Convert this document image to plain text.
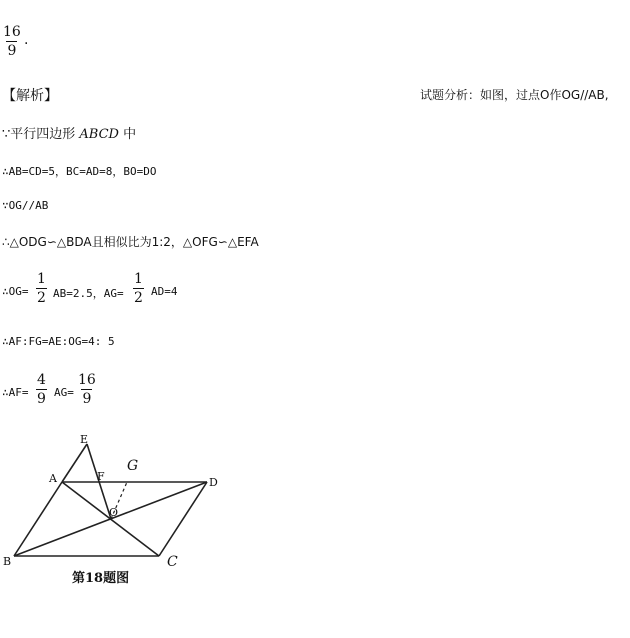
$\frac{16}{9}$ .
【解析】	试题分析：如图，过点O作OG//AB,
∵平行四边形 ABCD 中
∴AB=CD=5，BC=AD=8，BO=DO
∵OG//AB
∴△ODG∽△BDA且相似比为1:2，△OFG∽△EFA
∴OG= $\frac{1}{2} AB=2.5$，$AG= \frac{1}{2} AD=4$
∴AF:FG=AE:OG=4: 5
∴AF= $\frac{4}{9} AG= \frac{16}{9}$
E
A	F
G
D
O
B	C
第18题图
